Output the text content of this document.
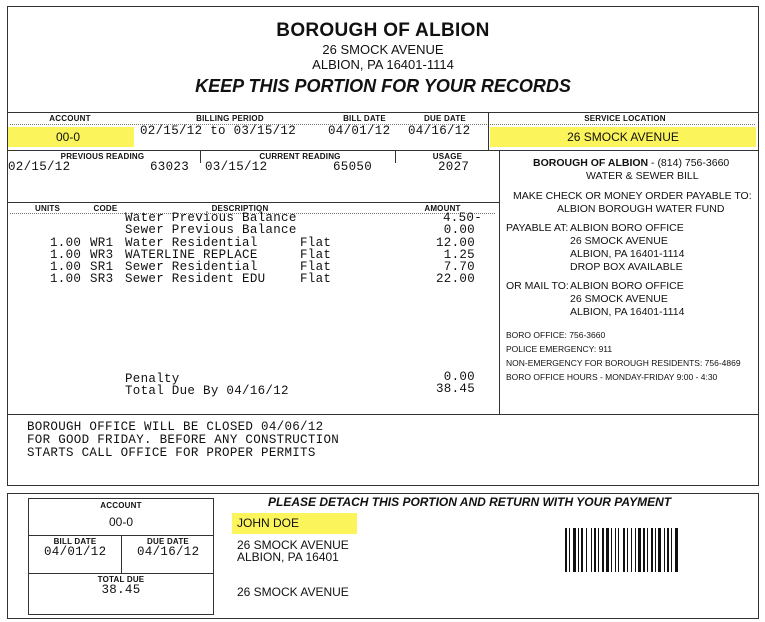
BOROUGH OF ALBION
26 SMOCK AVENUE
ALBION, PA 16401-1114
KEEP THIS PORTION FOR YOUR RECORDS
ACCOUNT	BILLING PERIOD	BILL DATE	DUE DATE	SERVICE LOCATION
00-0	02/15/12 to 03/15/12	04/01/12	04/16/12	26 SMOCK AVENUE
PREVIOUS READING	CURRENT READING	USAGE
02/15/12	63023 03/15/12	65050	2027
UNITS	CODE	DESCRIPTION	AMOUNT
Water Previous Balance	4.50-
Sewer Previous Balance	0.00
1.00 WR1 Water Residential	Flat	12.00
1.00 WR3 WATERLINE REPLACE	Flat	1.25
1.00 SR1 Sewer Residential	Flat	7.70
1.00 SR3 Sewer Resident EDU	Flat	22.00
Penalty	0.00
Total Due By 04/16/12	38.45
BOROUGH OFFICE WILL BE CLOSED 04/06/12
FOR GOOD FRIDAY. BEFORE ANY CONSTRUCTION
STARTS CALL OFFICE FOR PROPER PERMITS
BOROUGH OF ALBION - (814) 756-3660
WATER & SEWER BILL
MAKE CHECK OR MONEY ORDER PAYABLE TO:
ALBION BOROUGH WATER FUND
PAYABLE AT: ALBION BORO OFFICE
26 SMOCK AVENUE
ALBION, PA 16401-1114
DROP BOX AVAILABLE
OR MAIL TO: ALBION BORO OFFICE
26 SMOCK AVENUE
ALBION, PA 16401-1114
BORO OFFICE: 756-3660
POLICE EMERGENCY: 911
NON-EMERGENCY FOR BOROUGH RESIDENTS: 756-4869
BORO OFFICE HOURS - MONDAY-FRIDAY 9:00 - 4:30
ACCOUNT
00-0
BILL DATE	DUE DATE
04/01/12 04/16/12
TOTAL DUE
38.45
PLEASE DETACH THIS PORTION AND RETURN WITH YOUR PAYMENT
JOHN DOE
26 SMOCK AVENUE
ALBION, PA 16401
26 SMOCK AVENUE
